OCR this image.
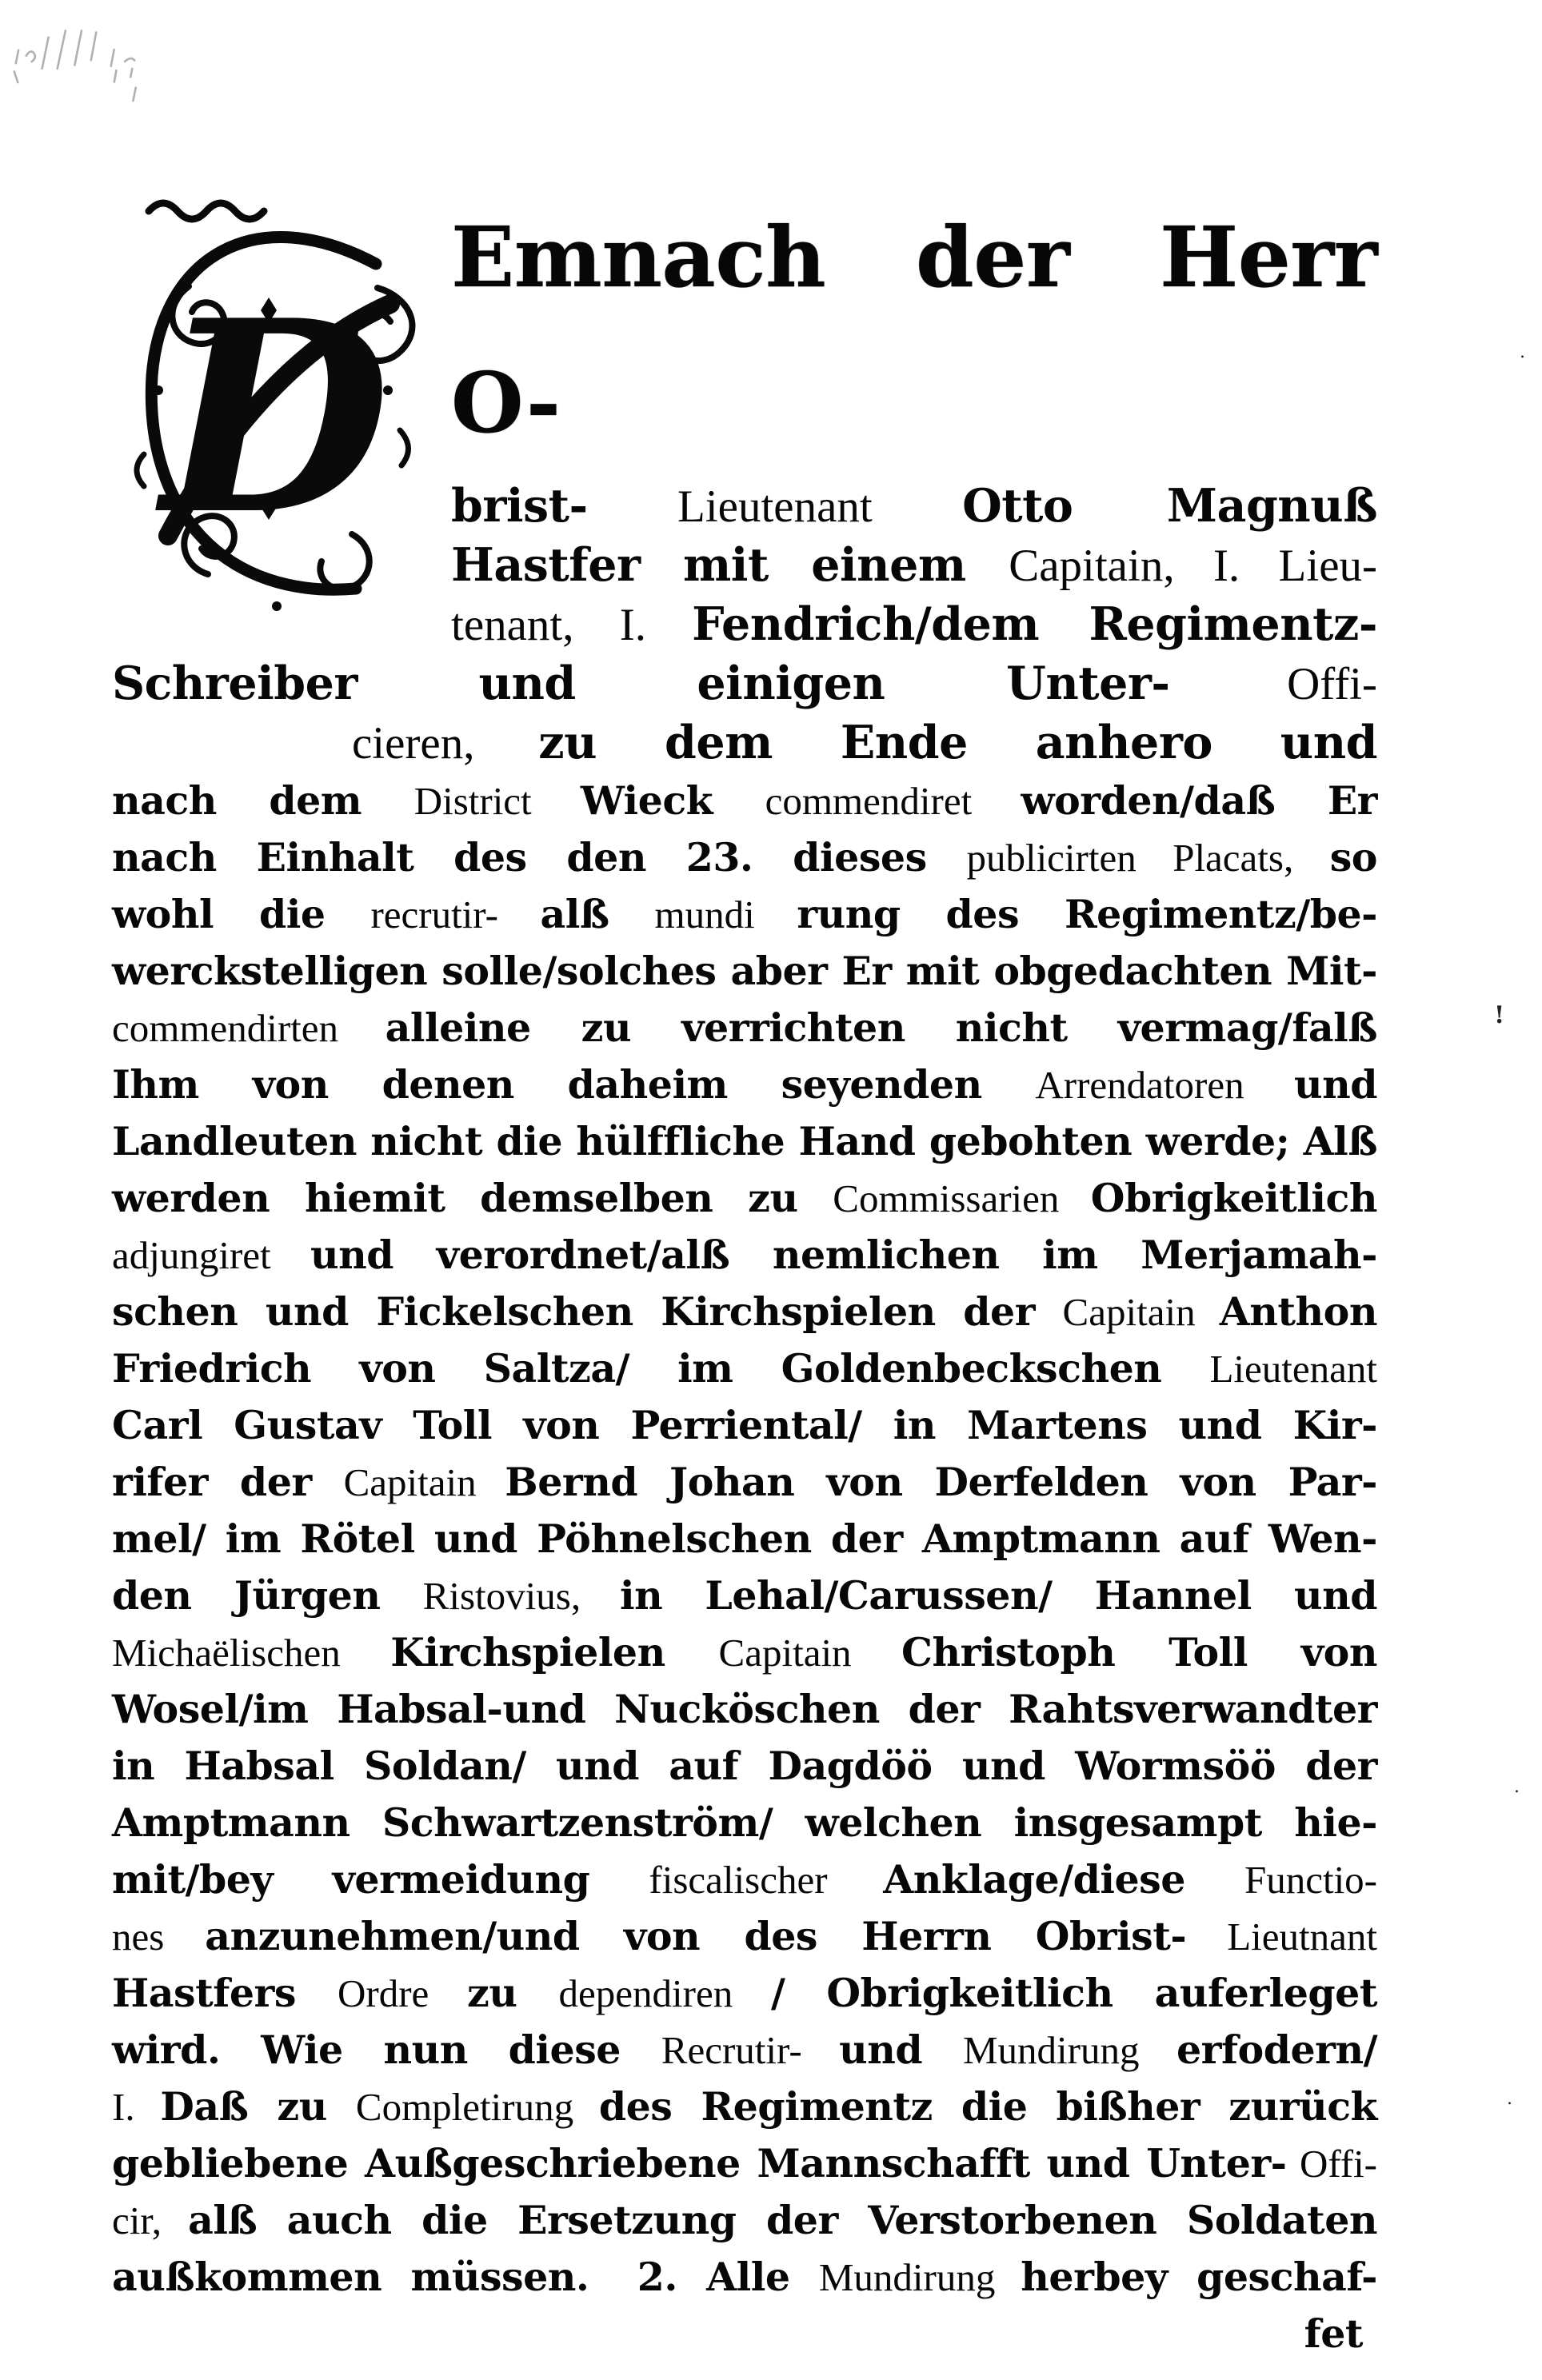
D
Emnach der Herr O-
brist- Lieutenant Otto Magnuß
Hastfer mit einem Capitain, I. Lieu-
tenant, I. Fendrich/dem Regimentz-
Schreiber und einigen Unter-	Offi-
cieren, zu dem Ende anhero und
nach dem District Wieck commendiret worden/daß Er
nach Einhalt des den 23. dieses publicirten Placats, so
wohl die recrutir- alß mundi rung des Regimentz/be-
werckstelligen solle/solches aber Er mit obgedachten Mit-
commendirten alleine zu verrichten nicht vermag/falß
Ihm von denen daheim seyenden Arrendatoren und
Landleuten nicht die hülffliche Hand gebohten werde; Alß
werden hiemit demselben zu Commissarien Obrigkeitlich
adjungiret und verordnet/alß nemlichen im Merjamah-
schen und Fickelschen Kirchspielen der Capitain Anthon
Friedrich von Saltza/ im Goldenbeckschen Lieutenant
Carl Gustav Toll von Perriental/ in Martens und Kir-
rifer der Capitain Bernd Johan von Derfelden von Par-
mel/ im Rötel und Pöhnelschen der Amptmann auf Wen-
den Jürgen Ristovius, in Lehal/Carussen/ Hannel und
Michaëlischen Kirchspielen Capitain Christoph Toll von
Wosel/im Habsal-und Nucköschen der Rahtsverwandter
in Habsal Soldan/ und auf Dagdöö und Wormsöö der
Amptmann Schwartzenström/ welchen insgesampt hie-
mit/bey vermeidung fiscalischer Anklage/diese Functio-
nes anzunehmen/und von des Herrn Obrist- Lieutnant
Hastfers Ordre zu dependiren / Obrigkeitlich auferleget
wird. Wie nun diese Recrutir- und Mundirung erfodern/
I. Daß zu Completirung des Regimentz die bißher zurück
gebliebene Außgeschriebene Mannschafft und Unter- Offi-
cir, alß auch die Ersetzung der Verstorbenen Soldaten
außkommen müssen.  2. Alle Mundirung herbey geschaf-
fet
!
.
.
.
